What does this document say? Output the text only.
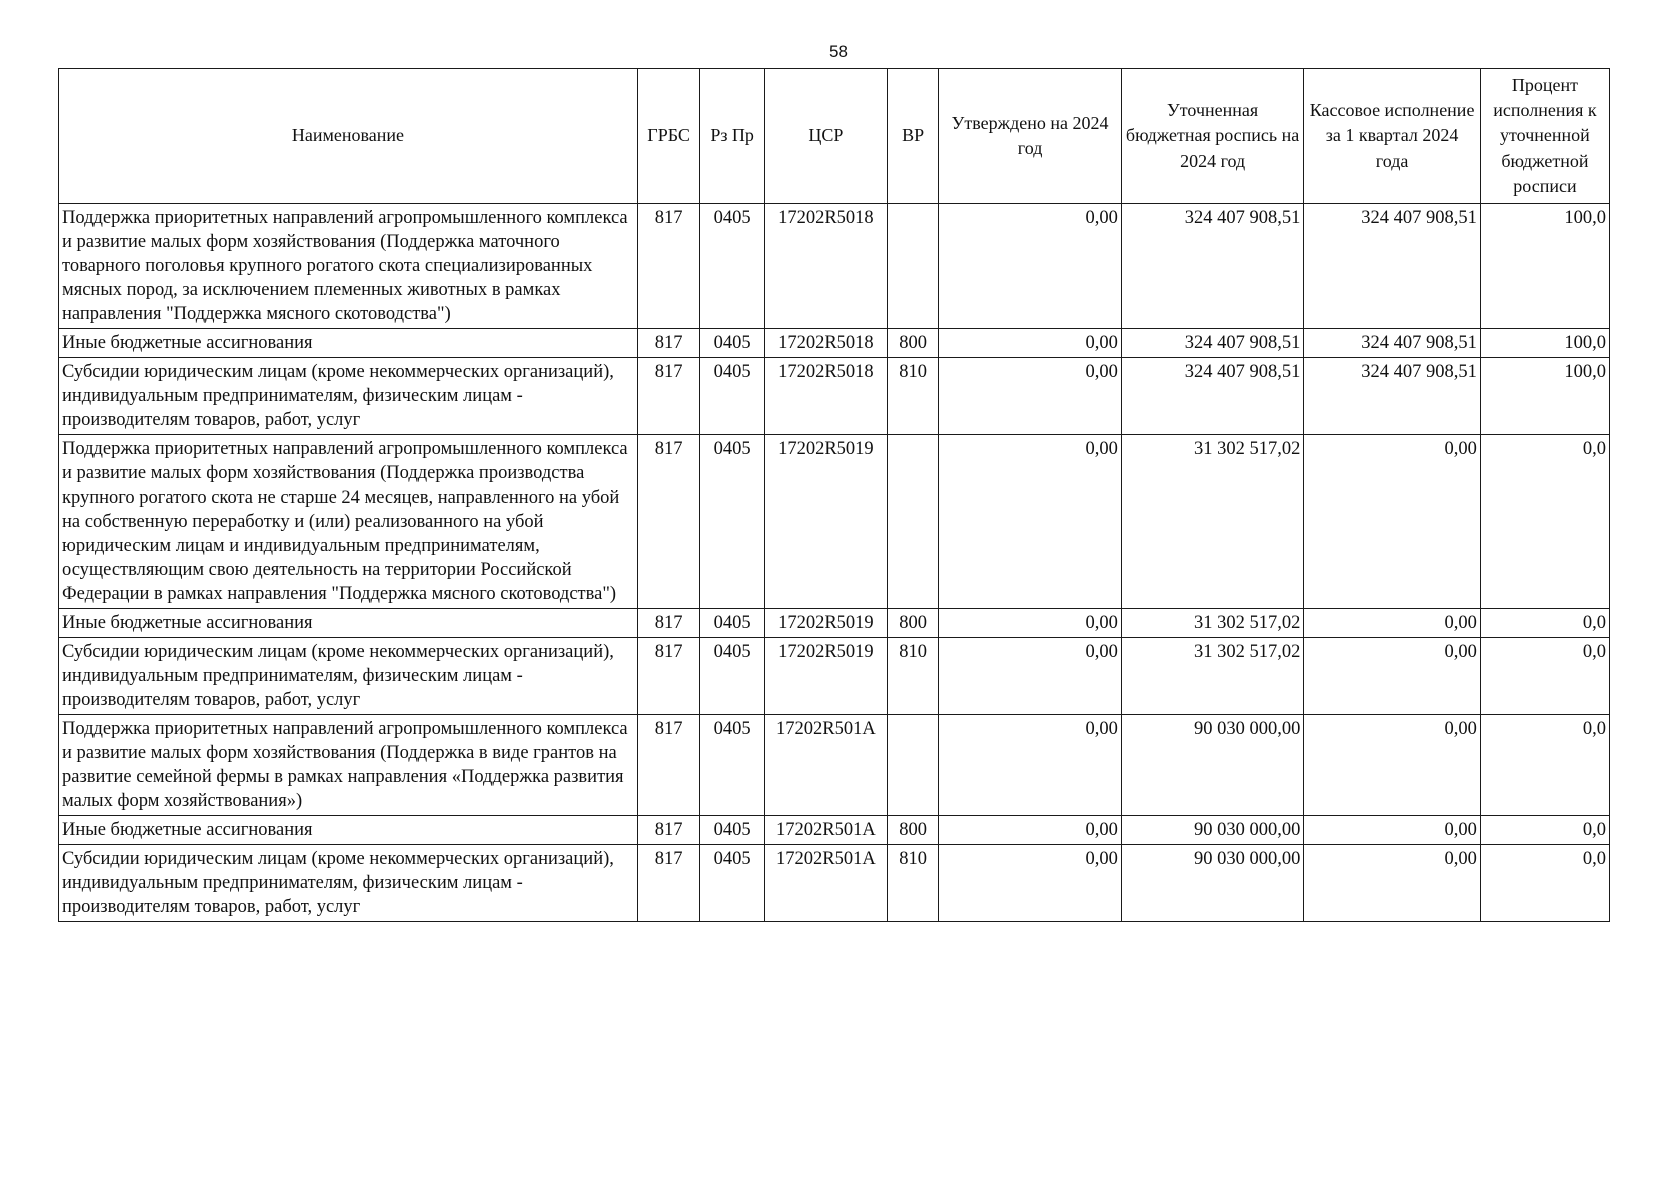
58
Наименование	ГРБС	Рз Пр	ЦСР	ВР	Утверждено на 2024 год	Уточненная бюджетная роспись на 2024 год	Кассовое исполнение за 1 квартал 2024 года	Процент исполнения к уточненной бюджетной росписи
Поддержка приоритетных направлений агропромышленного комплекса и развитие малых форм хозяйствования (Поддержка маточного товарного поголовья крупного рогатого скота специализированных мясных пород, за исключением племенных животных в рамках направления "Поддержка мясного скотоводства")	817	0405	17202R5018		0,00	324 407 908,51	324 407 908,51	100,0
Иные бюджетные ассигнования	817	0405	17202R5018	800	0,00	324 407 908,51	324 407 908,51	100,0
Субсидии юридическим лицам (кроме некоммерческих организаций), индивидуальным предпринимателям, физическим лицам - производителям товаров, работ, услуг	817	0405	17202R5018	810	0,00	324 407 908,51	324 407 908,51	100,0
Поддержка приоритетных направлений агропромышленного комплекса и развитие малых форм хозяйствования (Поддержка производства крупного рогатого скота не старше 24 месяцев, направленного на убой на собственную переработку и (или) реализованного на убой юридическим лицам и индивидуальным предпринимателям, осуществляющим свою деятельность на территории Российской Федерации в рамках направления "Поддержка мясного скотоводства")	817	0405	17202R5019		0,00	31 302 517,02	0,00	0,0
Иные бюджетные ассигнования	817	0405	17202R5019	800	0,00	31 302 517,02	0,00	0,0
Субсидии юридическим лицам (кроме некоммерческих организаций), индивидуальным предпринимателям, физическим лицам - производителям товаров, работ, услуг	817	0405	17202R5019	810	0,00	31 302 517,02	0,00	0,0
Поддержка приоритетных направлений агропромышленного комплекса и развитие малых форм хозяйствования (Поддержка в виде грантов на развитие семейной фермы в рамках направления «Поддержка развития малых форм хозяйствования»)	817	0405	17202R501A		0,00	90 030 000,00	0,00	0,0
Иные бюджетные ассигнования	817	0405	17202R501A	800	0,00	90 030 000,00	0,00	0,0
Субсидии юридическим лицам (кроме некоммерческих организаций), индивидуальным предпринимателям, физическим лицам - производителям товаров, работ, услуг	817	0405	17202R501A	810	0,00	90 030 000,00	0,00	0,0
